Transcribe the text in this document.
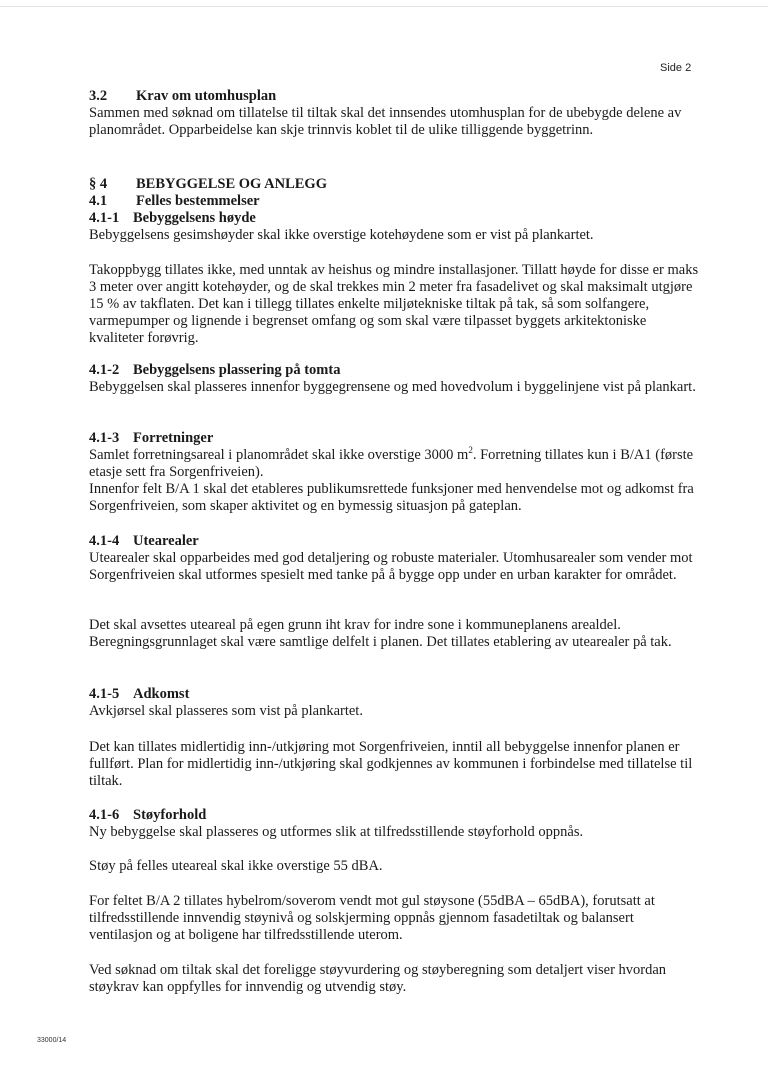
Side 2
3.2 Krav om utomhusplan

Sammen med søknad om tillatelse til tiltak skal det innsendes utomhusplan for de ubebygde delene av planområdet. Opparbeidelse kan skje trinnvis koblet til de ulike tilliggende byggetrinn.

§ 4 BEBYGGELSE OG ANLEGG
4.1 Felles bestemmelser
4.1-1 Bebyggelsens høyde

Bebyggelsens gesimshøyder skal ikke overstige kotehøydene som er vist på plankartet.

Takoppbygg tillates ikke, med unntak av heishus og mindre installasjoner. Tillatt høyde for disse er maks 3 meter over angitt kotehøyder, og de skal trekkes min 2 meter fra fasadelivet og skal maksimalt utgjøre 15 % av takflaten. Det kan i tillegg tillates enkelte miljøtekniske tiltak på tak, så som solfangere, varmepumper og lignende i begrenset omfang og som skal være tilpasset byggets arkitektoniske kvaliteter forøvrig.

4.1-2 Bebyggelsens plassering på tomta

Bebyggelsen skal plasseres innenfor byggegrensene og med hovedvolum i byggelinjene vist på plankart.

4.1-3 Forretninger

Samlet forretningsareal i planområdet skal ikke overstige 3000 $m^2$. Forretning tillates kun i B/A1 (første etasje sett fra Sorgenfriveien).

Innenfor felt B/A 1 skal det etableres publikumsrettede funksjoner med henvendelse mot og adkomst fra Sorgenfriveien, som skaper aktivitet og en bymessig situasjon på gateplan.

4.1-4 Utearealer

Utearealer skal opparbeides med god detaljering og robuste materialer. Utomhusarealer som vender mot Sorgenfriveien skal utformes spesielt med tanke på å bygge opp under en urban karakter for området.

Det skal avsettes uteareal på egen grunn iht krav for indre sone i kommuneplanens arealdel. Beregningsgrunnlaget skal være samtlige delfelt i planen. Det tillates etablering av utearealer på tak.

4.1-5 Adkomst

Avkjørsel skal plasseres som vist på plankartet.

Det kan tillates midlertidig inn-/utkjøring mot Sorgenfriveien, inntil all bebyggelse innenfor planen er fullført. Plan for midlertidig inn-/utkjøring skal godkjennes av kommunen i forbindelse med tillatelse til tiltak.

4.1-6 Støyforhold

Ny bebyggelse skal plasseres og utformes slik at tilfredsstillende støyforhold oppnås.

Støy på felles uteareal skal ikke overstige 55 dBA.

For feltet B/A 2 tillates hybelrom/soverom vendt mot gul støysone (55dBA – 65dBA), forutsatt at tilfredsstillende innvendig støynivå og solskjerming oppnås gjennom fasadetiltak og balansert ventilasjon og at boligene har tilfredsstillende uterom.

Ved søknad om tiltak skal det foreligge støyvurdering og støyberegning som detaljert viser hvordan støykrav kan oppfylles for innvendig og utvendig støy.

33000/14
